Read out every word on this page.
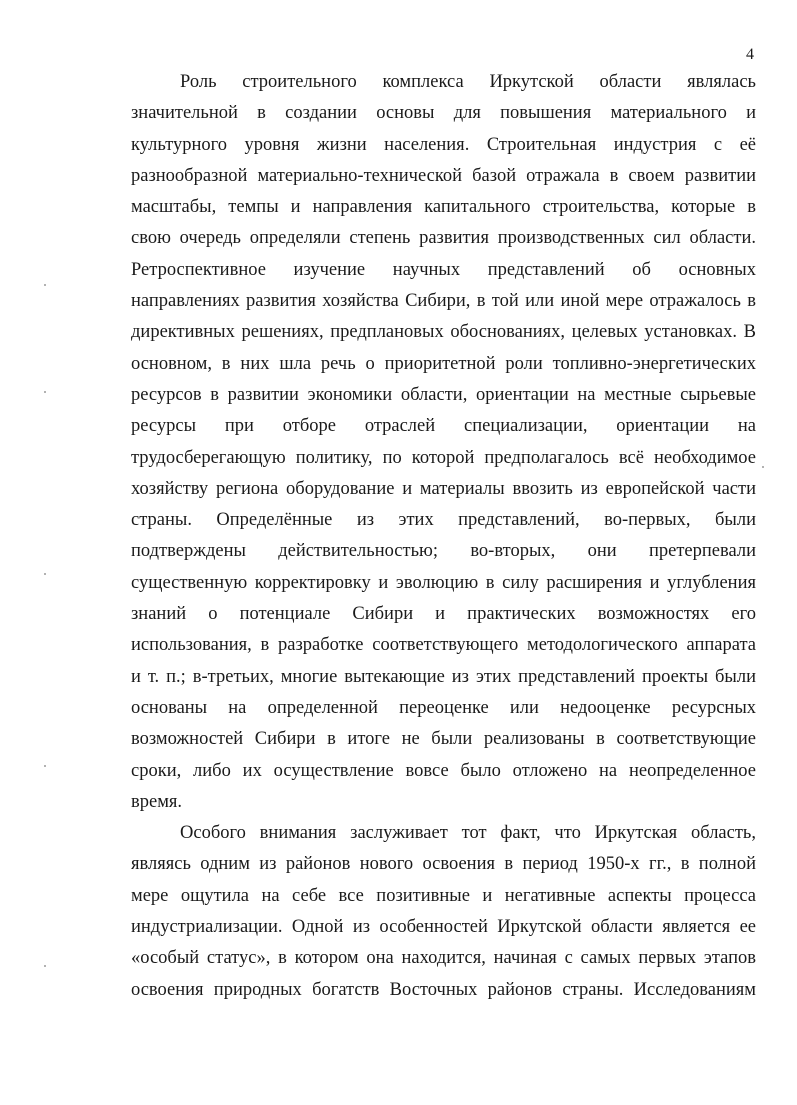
4
Роль строительного комплекса Иркутской области являлась
значительной в создании основы для повышения материального и
культурного уровня жизни населения. Строительная индустрия с её
разнообразной материально-технической базой отражала в своем развитии
масштабы, темпы и направления капитального строительства, которые в
свою очередь определяли степень развития производственных сил области.
Ретроспективное изучение научных представлений об основных
направлениях развития хозяйства Сибири, в той или иной мере отражалось в
директивных решениях, предплановых обоснованиях, целевых установках. В
основном, в них шла речь о приоритетной роли топливно-энергетических
ресурсов в развитии экономики области, ориентации на местные сырьевые
ресурсы при отборе отраслей специализации, ориентации на
трудосберегающую политику, по которой предполагалось всё необходимое
хозяйству региона оборудование и материалы ввозить из европейской части
страны. Определённые из этих представлений, во-первых, были
подтверждены действительностью; во-вторых, они претерпевали
существенную корректировку и эволюцию в силу расширения и углубления
знаний о потенциале Сибири и практических возможностях его
использования, в разработке соответствующего методологического аппарата
и т. п.; в-третьих, многие вытекающие из этих представлений проекты были
основаны на определенной переоценке или недооценке ресурсных
возможностей Сибири в итоге не были реализованы в соответствующие
сроки, либо их осуществление вовсе было отложено на неопределенное
время.
Особого внимания заслуживает тот факт, что Иркутская область,
являясь одним из районов нового освоения в период 1950-х гг., в полной
мере ощутила на себе все позитивные и негативные аспекты процесса
индустриализации. Одной из особенностей Иркутской области является ее
«особый статус», в котором она находится, начиная с самых первых этапов
освоения природных богатств Восточных районов страны. Исследованиям
